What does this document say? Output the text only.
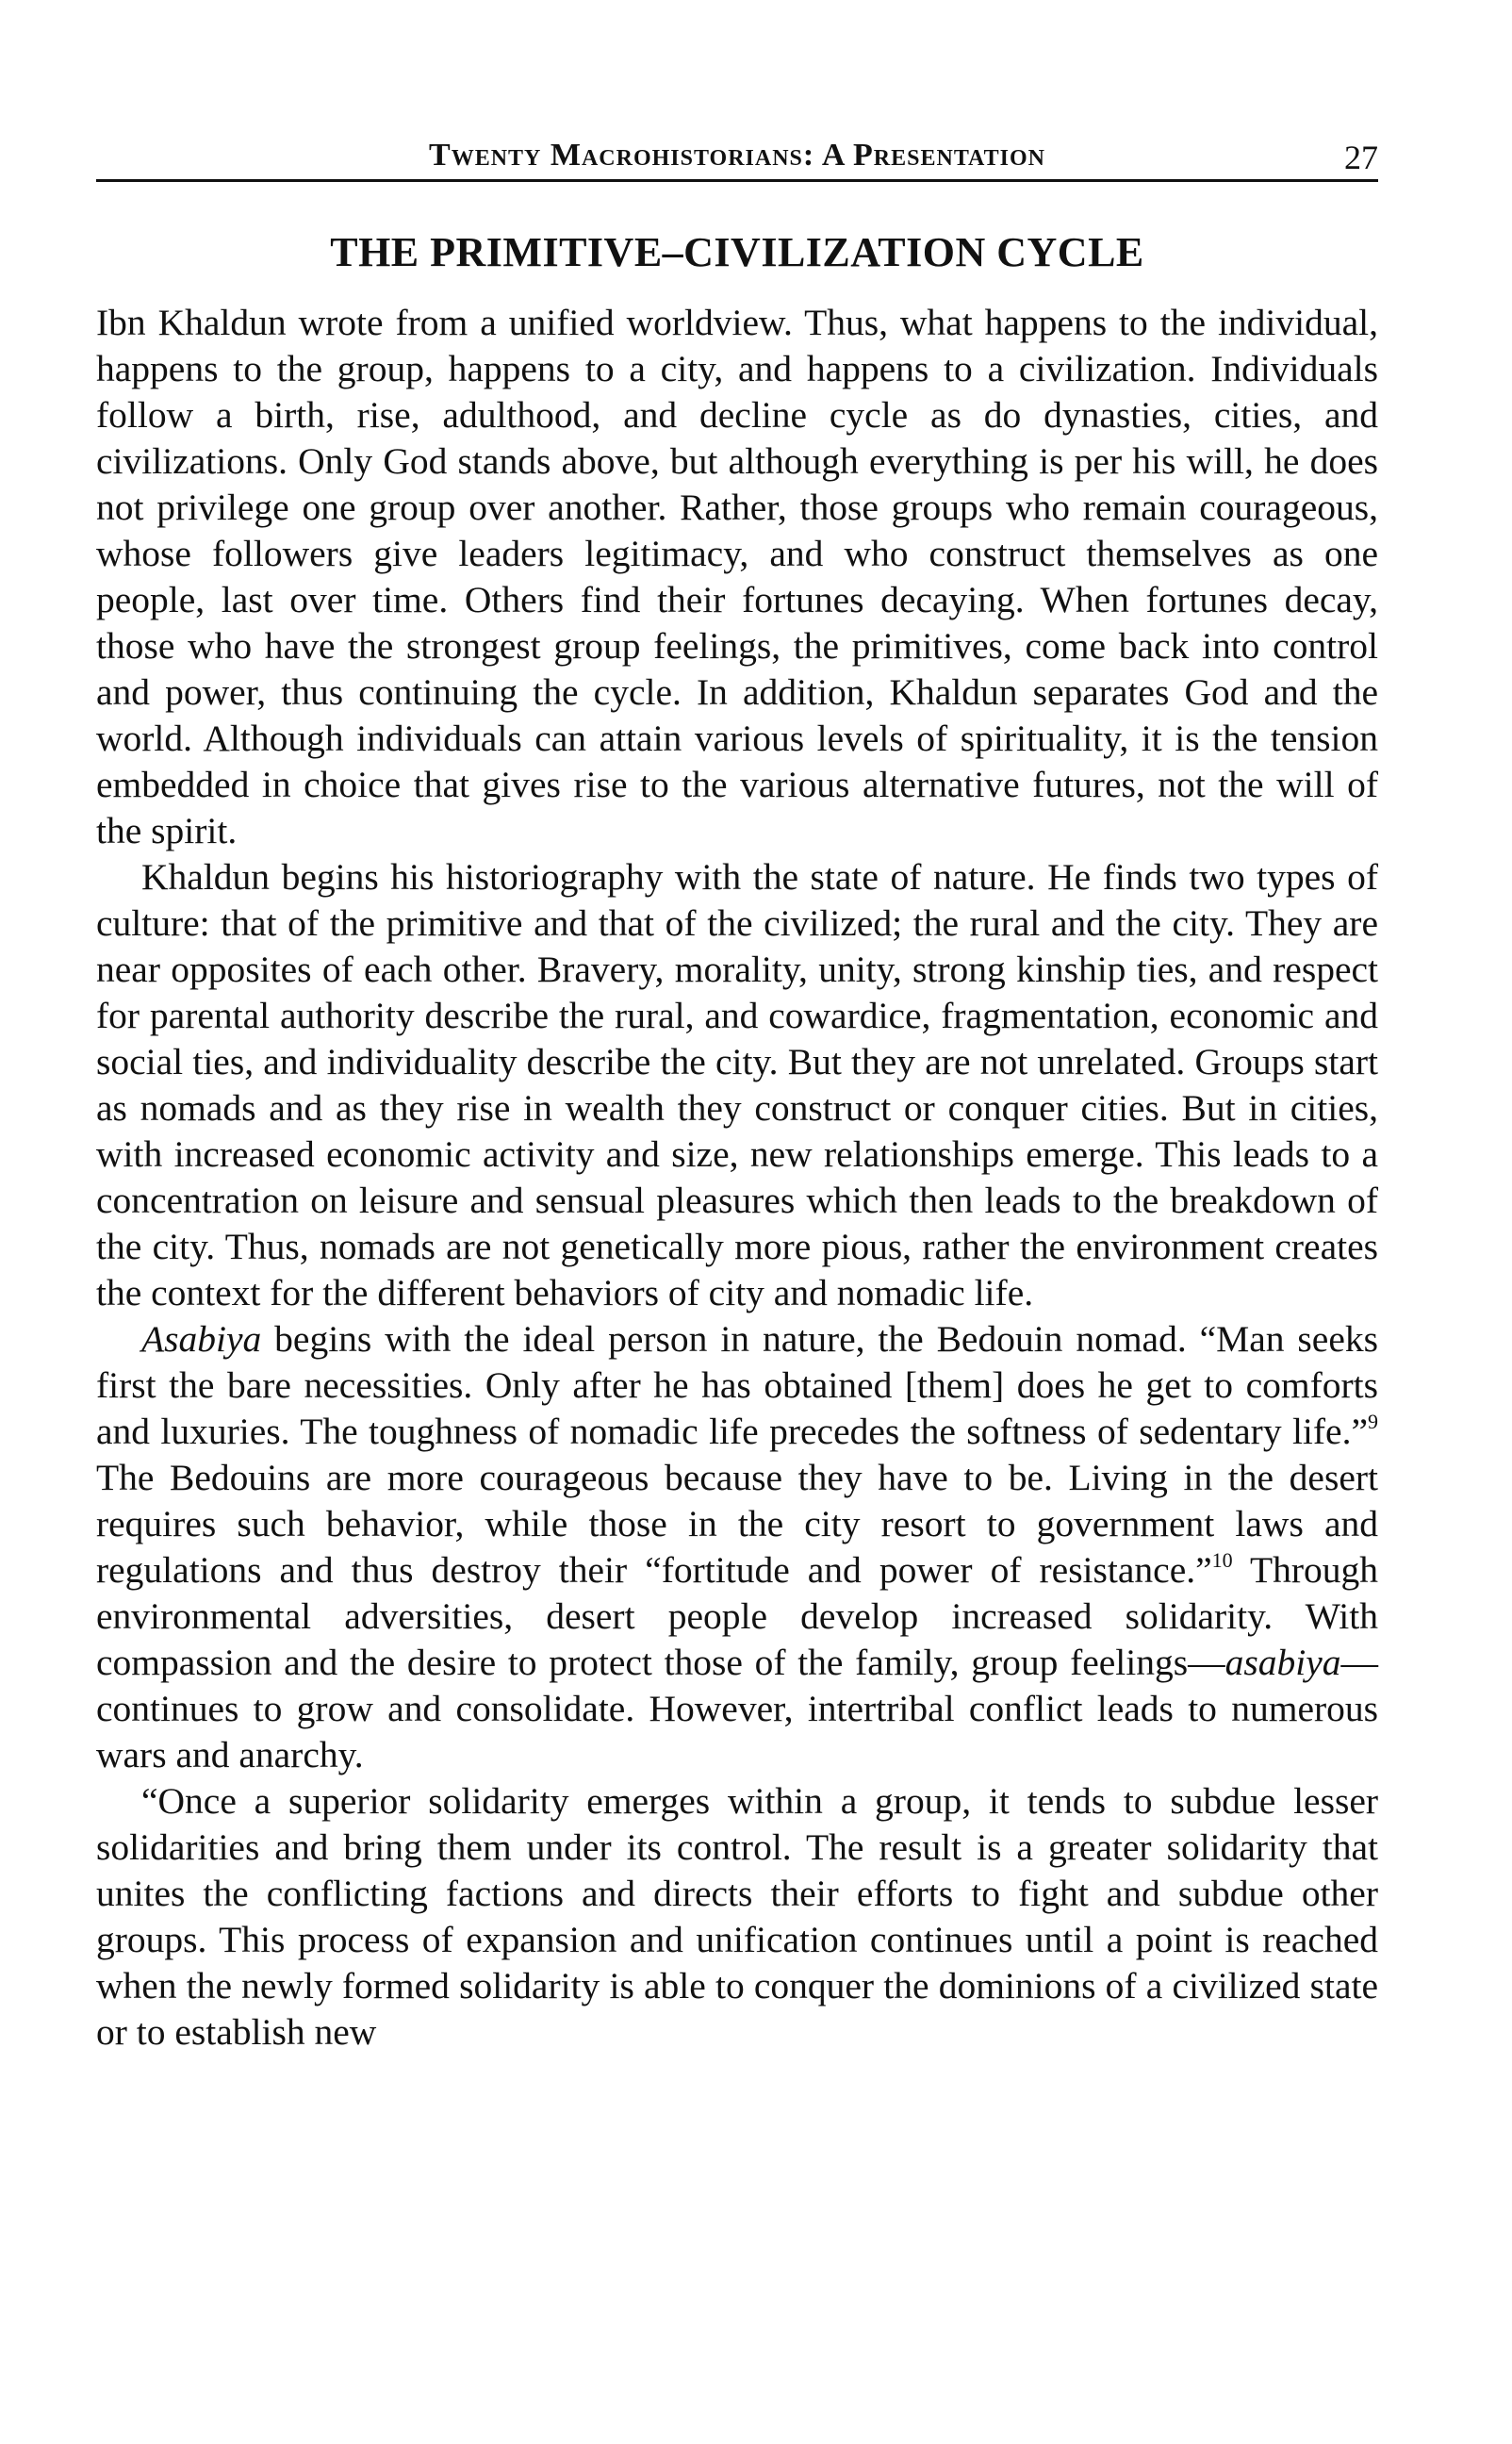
Twenty Macrohistorians: A Presentation	27
THE PRIMITIVE–CIVILIZATION CYCLE

Ibn Khaldun wrote from a unified worldview. Thus, what happens to the individual, happens to the group, happens to a city, and happens to a civilization. Individuals follow a birth, rise, adulthood, and decline cycle as do dynasties, cities, and civilizations. Only God stands above, but although everything is per his will, he does not privilege one group over another. Rather, those groups who remain courageous, whose followers give leaders legitimacy, and who construct themselves as one people, last over time. Others find their fortunes decaying. When fortunes decay, those who have the strongest group feelings, the primitives, come back into control and power, thus continuing the cycle. In addition, Khaldun separates God and the world. Although individuals can attain various levels of spirituality, it is the tension embedded in choice that gives rise to the various alternative futures, not the will of the spirit.

Khaldun begins his historiography with the state of nature. He finds two types of culture: that of the primitive and that of the civilized; the rural and the city. They are near opposites of each other. Bravery, morality, unity, strong kinship ties, and respect for parental authority describe the rural, and cowardice, fragmentation, economic and social ties, and individuality describe the city. But they are not unrelated. Groups start as nomads and as they rise in wealth they construct or conquer cities. But in cities, with increased economic activity and size, new relationships emerge. This leads to a concentration on leisure and sensual pleasures which then leads to the breakdown of the city. Thus, nomads are not genetically more pious, rather the environment creates the context for the different behaviors of city and nomadic life.

Asabiya begins with the ideal person in nature, the Bedouin nomad. “Man seeks first the bare necessities. Only after he has obtained [them] does he get to comforts and luxuries. The toughness of nomadic life precedes the softness of sedentary life.”$^9$ The Bedouins are more courageous because they have to be. Living in the desert requires such behavior, while those in the city resort to government laws and regulations and thus destroy their “fortitude and power of resistance.”$^{10}$ Through environmental adversities, desert people develop increased solidarity. With compassion and the desire to protect those of the family, group feelings—asabiya— continues to grow and consolidate. However, intertribal conflict leads to numerous wars and anarchy.

“Once a superior solidarity emerges within a group, it tends to subdue lesser solidarities and bring them under its control. The result is a greater solidarity that unites the conflicting factions and directs their efforts to fight and subdue other groups. This process of expansion and unification continues until a point is reached when the newly formed solidarity is able to conquer the dominions of a civilized state or to establish new
